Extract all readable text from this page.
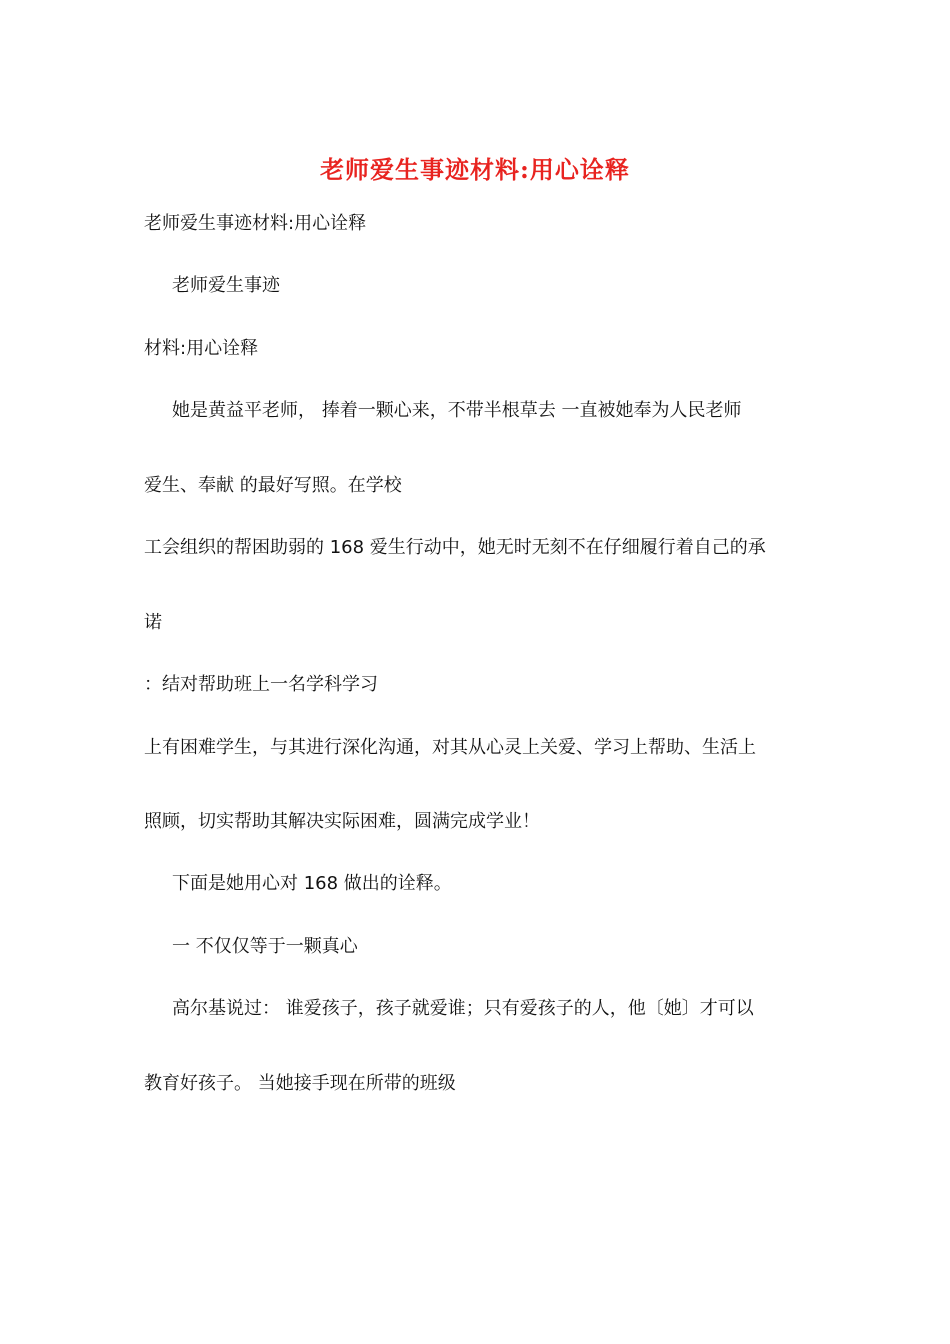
老师爱生事迹材料:用心诠释
老师爱生事迹材料:用心诠释
老师爱生事迹
材料:用心诠释
她是黄益平老师， 捧着一颗心来，不带半根草去 一直被她奉为人民老师
爱生、奉献 的最好写照。在学校
工会组织的帮困助弱的 168 爱生行动中，她无时无刻不在仔细履行着自己的承
诺
：结对帮助班上一名学科学习
上有困难学生，与其进行深化沟通，对其从心灵上关爱、学习上帮助、生活上
照顾，切实帮助其解决实际困难，圆满完成学业！
下面是她用心对 168 做出的诠释。
一 不仅仅等于一颗真心
高尔基说过： 谁爱孩子，孩子就爱谁；只有爱孩子的人，他〔她〕才可以
教育好孩子。 当她接手现在所带的班级
